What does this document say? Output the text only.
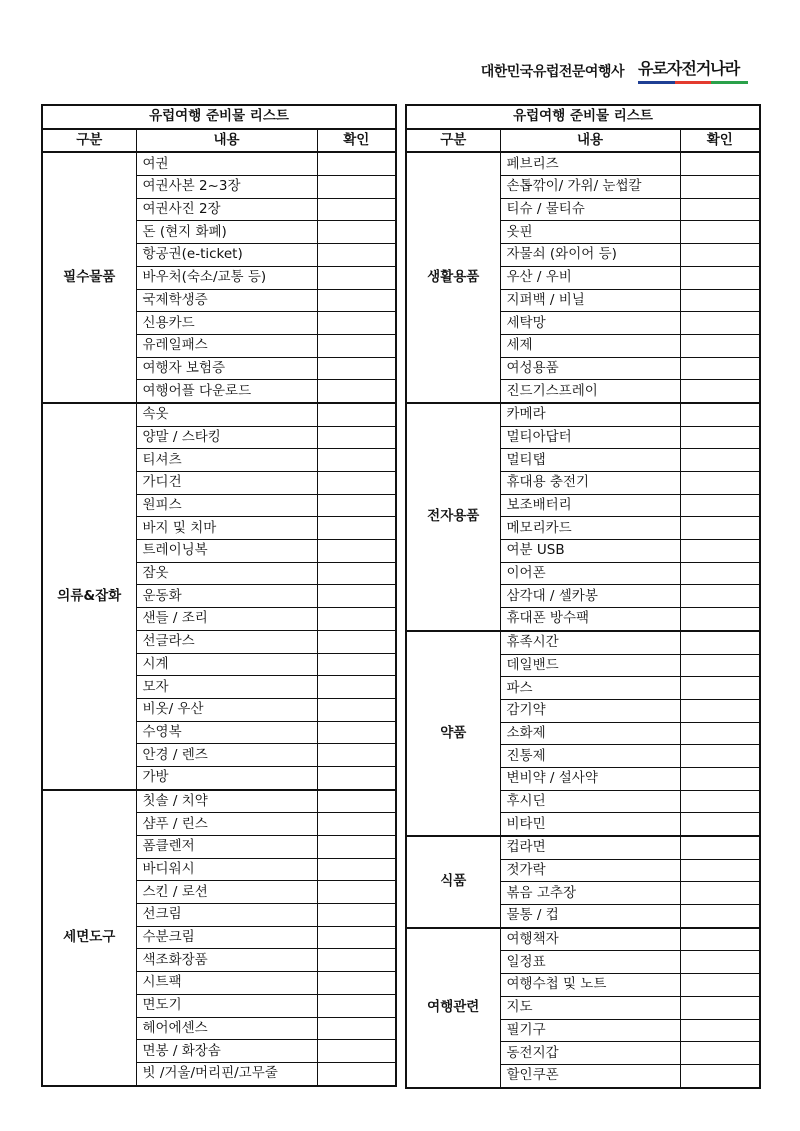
대한민국유럽전문여행사 유로자전거나라
유럽여행 준비물 리스트		
구분	내용	확인
필수물품	여권	
	여권사본 2~3장	
	여권사진 2장	
	돈 (현지 화폐)	
	항공권(e-ticket)	
	바우처(숙소/교통 등)	
	국제학생증	
	신용카드	
	유레일패스	
	여행자 보험증	
	여행어플 다운로드	
의류&잡화	속옷	
	양말 / 스타킹	
	티셔츠	
	가디건	
	원피스	
	바지 및 치마	
	트레이닝복	
	잠옷	
	운동화	
	샌들 / 조리	
	선글라스	
	시계	
	모자	
	비옷/ 우산	
	수영복	
	안경 / 렌즈	
	가방	
세면도구	칫솔 / 치약	
	샴푸 / 린스	
	폼클렌저	
	바디워시	
	스킨 / 로션	
	선크림	
	수분크림	
	색조화장품	
	시트팩	
	면도기	
	헤어에센스	
	면봉 / 화장솜	
	빗 /거울/머리핀/고무줄	
유럽여행 준비물 리스트		
구분	내용	확인
생활용품	페브리즈	
	손톱깎이/ 가위/ 눈썹칼	
	티슈 / 물티슈	
	옷핀	
	자물쇠 (와이어 등)	
	우산 / 우비	
	지퍼백 / 비닐	
	세탁망	
	세제	
	여성용품	
	진드기스프레이	
전자용품	카메라	
	멀티아답터	
	멀티탭	
	휴대용 충전기	
	보조배터리	
	메모리카드	
	여분 USB	
	이어폰	
	삼각대 / 셀카봉	
	휴대폰 방수팩	
약품	휴족시간	
	데일밴드	
	파스	
	감기약	
	소화제	
	진통제	
	변비약 / 설사약	
	후시딘	
	비타민	
식품	컵라면	
	젓가락	
	볶음 고추장	
	물통 / 컵	
여행관련	여행책자	
	일정표	
	여행수첩 및 노트	
	지도	
	필기구	
	동전지갑	
	할인쿠폰	
